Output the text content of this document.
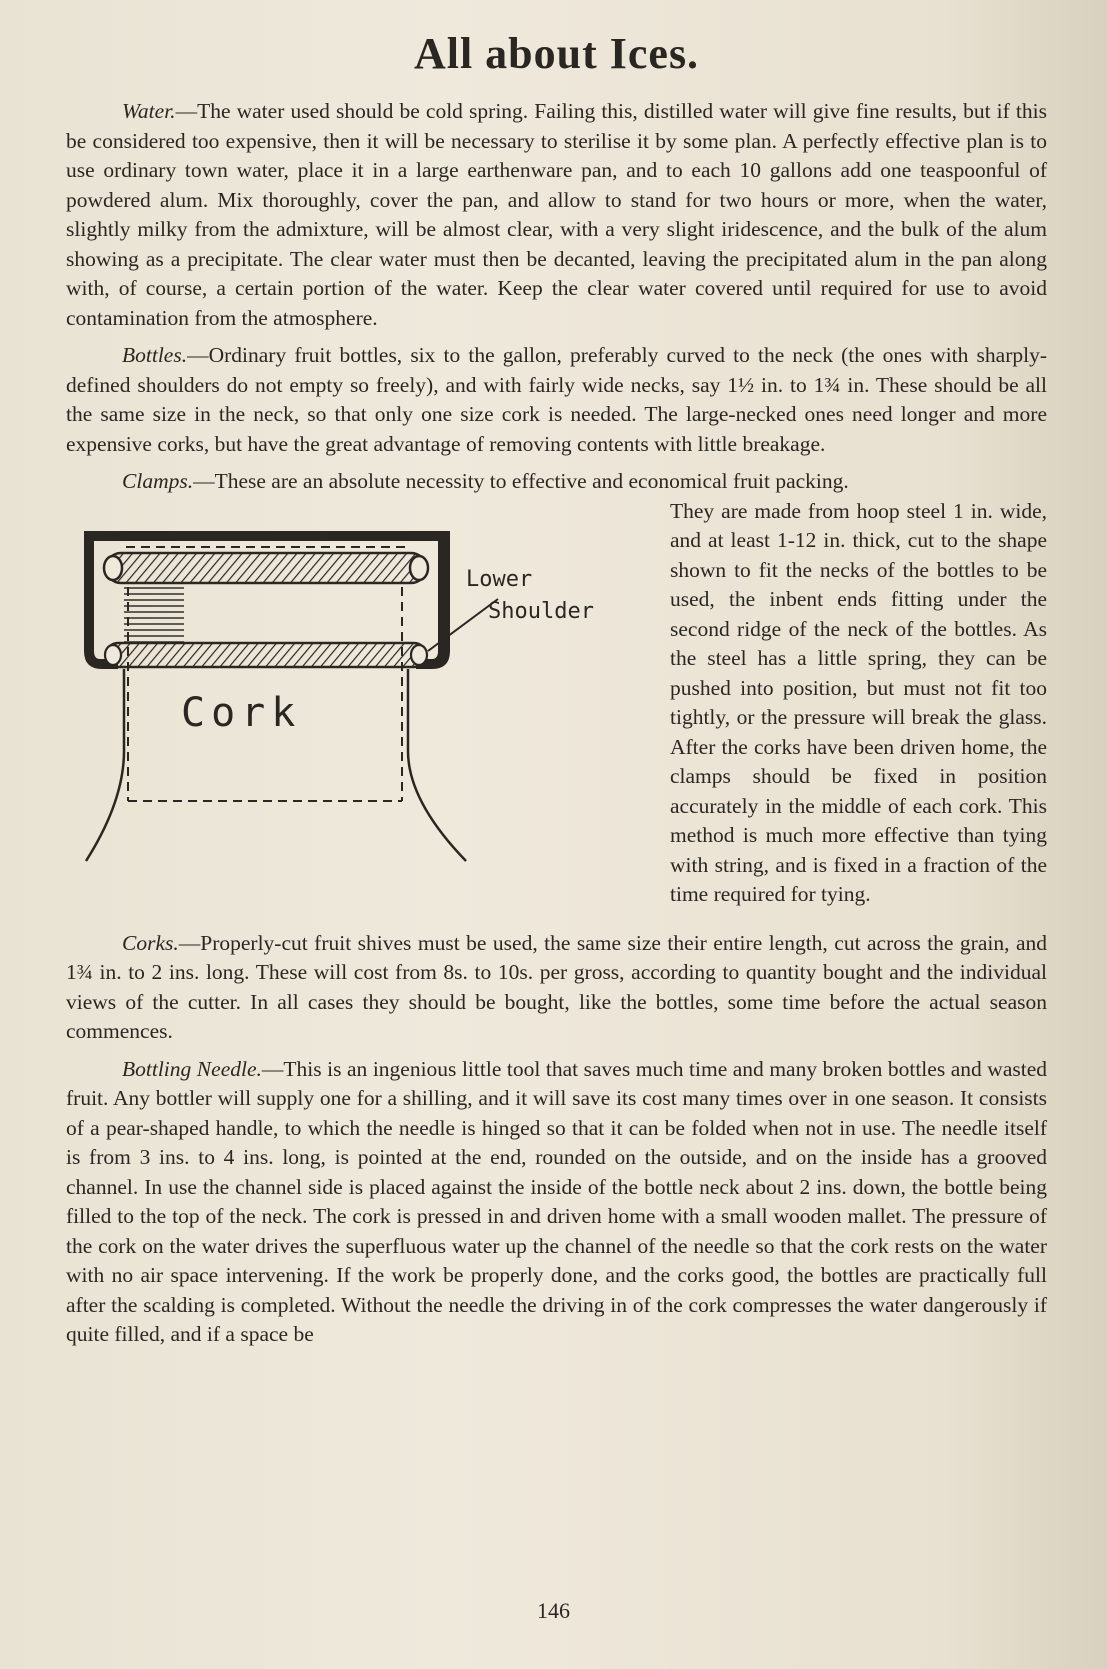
All about Ices.

Water.—The water used should be cold spring. Failing this, distilled water will give fine results, but if this be considered too expensive, then it will be necessary to sterilise it by some plan. A perfectly effective plan is to use ordinary town water, place it in a large earthenware pan, and to each 10 gallons add one teaspoonful of powdered alum. Mix thoroughly, cover the pan, and allow to stand for two hours or more, when the water, slightly milky from the admixture, will be almost clear, with a very slight iridescence, and the bulk of the alum showing as a precipitate. The clear water must then be decanted, leaving the precipitated alum in the pan along with, of course, a certain portion of the water. Keep the clear water covered until required for use to avoid contamination from the atmosphere.

Bottles.—Ordinary fruit bottles, six to the gallon, preferably curved to the neck (the ones with sharply-defined shoulders do not empty so freely), and with fairly wide necks, say 1½ in. to 1¾ in. These should be all the same size in the neck, so that only one size cork is needed. The large-necked ones need longer and more expensive corks, but have the great advantage of removing contents with little breakage.

Clamps.—These are an absolute necessity to effective and economical fruit packing.

Cork
Lower
Shoulder

They are made from hoop steel 1 in. wide, and at least 1-12 in. thick, cut to the shape shown to fit the necks of the bottles to be used, the inbent ends fitting under the second ridge of the neck of the bottles. As the steel has a little spring, they can be pushed into position, but must not fit too tightly, or the pressure will break the glass. After the corks have been driven home, the clamps should be fixed in position accurately in the middle of each cork. This method is much more effective than tying with string, and is fixed in a fraction of the time required for tying.

Corks.—Properly-cut fruit shives must be used, the same size their entire length, cut across the grain, and 1¾ in. to 2 ins. long. These will cost from 8s. to 10s. per gross, according to quantity bought and the individual views of the cutter. In all cases they should be bought, like the bottles, some time before the actual season commences.

Bottling Needle.—This is an ingenious little tool that saves much time and many broken bottles and wasted fruit. Any bottler will supply one for a shilling, and it will save its cost many times over in one season. It consists of a pear-shaped handle, to which the needle is hinged so that it can be folded when not in use. The needle itself is from 3 ins. to 4 ins. long, is pointed at the end, rounded on the outside, and on the inside has a grooved channel. In use the channel side is placed against the inside of the bottle neck about 2 ins. down, the bottle being filled to the top of the neck. The cork is pressed in and driven home with a small wooden mallet. The pressure of the cork on the water drives the superfluous water up the channel of the needle so that the cork rests on the water with no air space intervening. If the work be properly done, and the corks good, the bottles are practically full after the scalding is completed. Without the needle the driving in of the cork compresses the water dangerously if quite filled, and if a space be

146
